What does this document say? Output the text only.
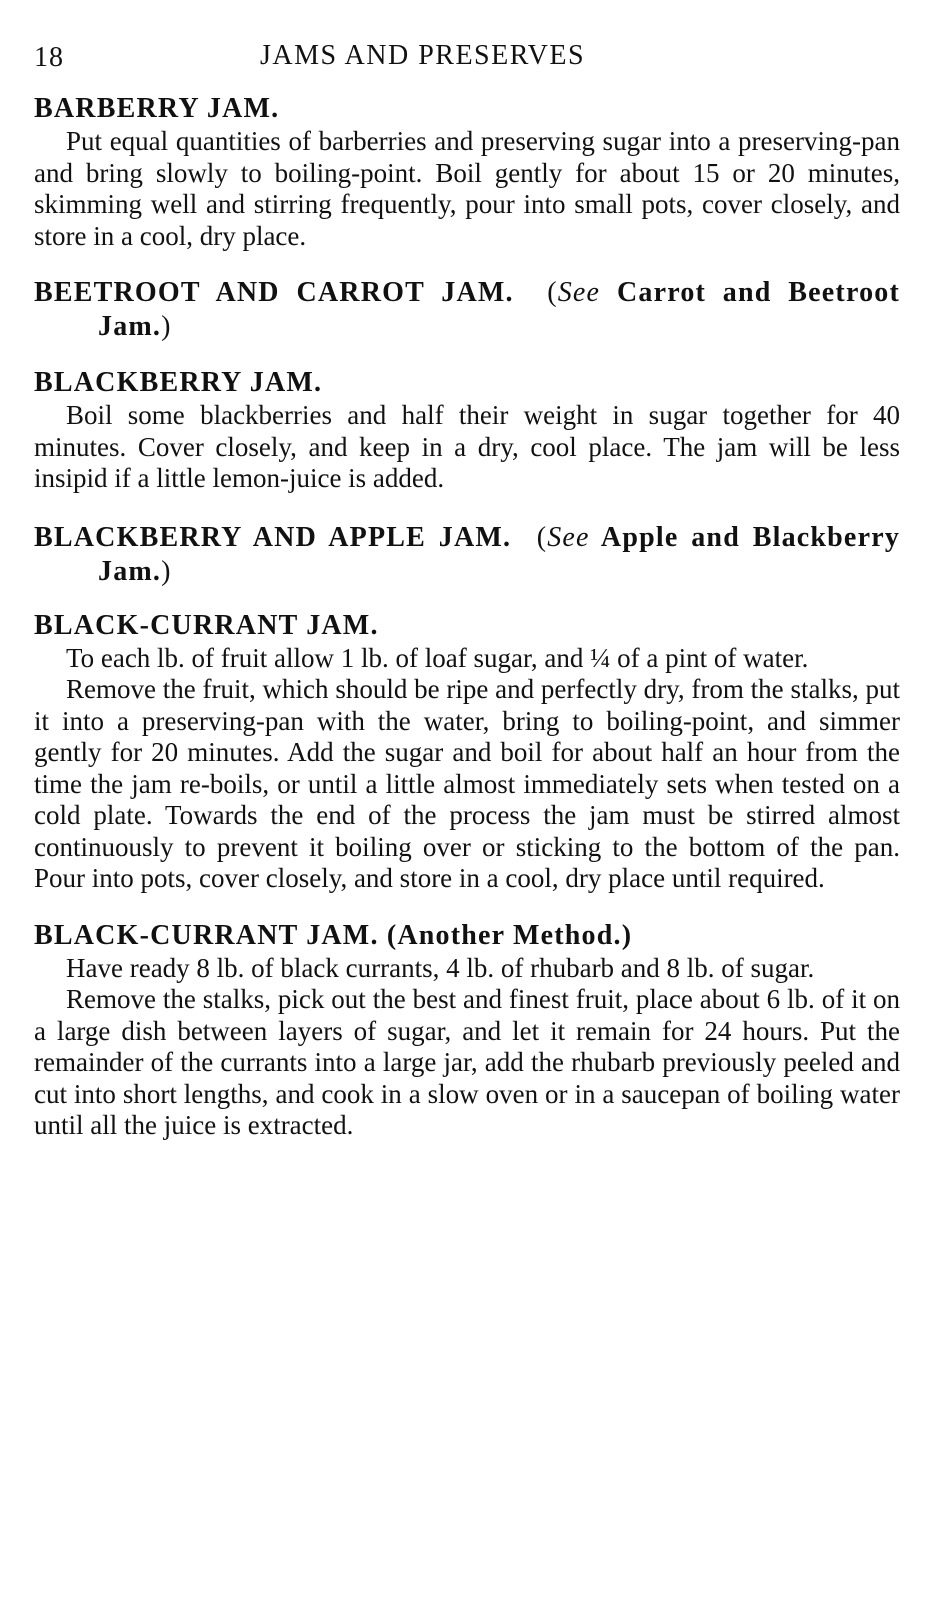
18	JAMS AND PRESERVES

BARBERRY JAM.

Put equal quantities of barberries and preserving sugar into a preserving-pan and bring slowly to boiling-point. Boil gently for about 15 or 20 minutes, skimming well and stirring frequently, pour into small pots, cover closely, and store in a cool, dry place.

BEETROOT AND CARROT JAM. (See Carrot and Beetroot Jam.)

BLACKBERRY JAM.

Boil some blackberries and half their weight in sugar together for 40 minutes. Cover closely, and keep in a dry, cool place. The jam will be less insipid if a little lemon-juice is added.

BLACKBERRY AND APPLE JAM. (See Apple and Blackberry Jam.)

BLACK-CURRANT JAM.

To each lb. of fruit allow 1 lb. of loaf sugar, and ¼ of a pint of water.

Remove the fruit, which should be ripe and perfectly dry, from the stalks, put it into a preserving-pan with the water, bring to boiling-point, and simmer gently for 20 minutes. Add the sugar and boil for about half an hour from the time the jam re-boils, or until a little almost immediately sets when tested on a cold plate. Towards the end of the process the jam must be stirred almost continuously to prevent it boiling over or sticking to the bottom of the pan. Pour into pots, cover closely, and store in a cool, dry place until required.

BLACK-CURRANT JAM. (Another Method.)

Have ready 8 lb. of black currants, 4 lb. of rhubarb and 8 lb. of sugar.

Remove the stalks, pick out the best and finest fruit, place about 6 lb. of it on a large dish between layers of sugar, and let it remain for 24 hours. Put the remainder of the currants into a large jar, add the rhubarb previously peeled and cut into short lengths, and cook in a slow oven or in a saucepan of boiling water until all the juice is extracted.
